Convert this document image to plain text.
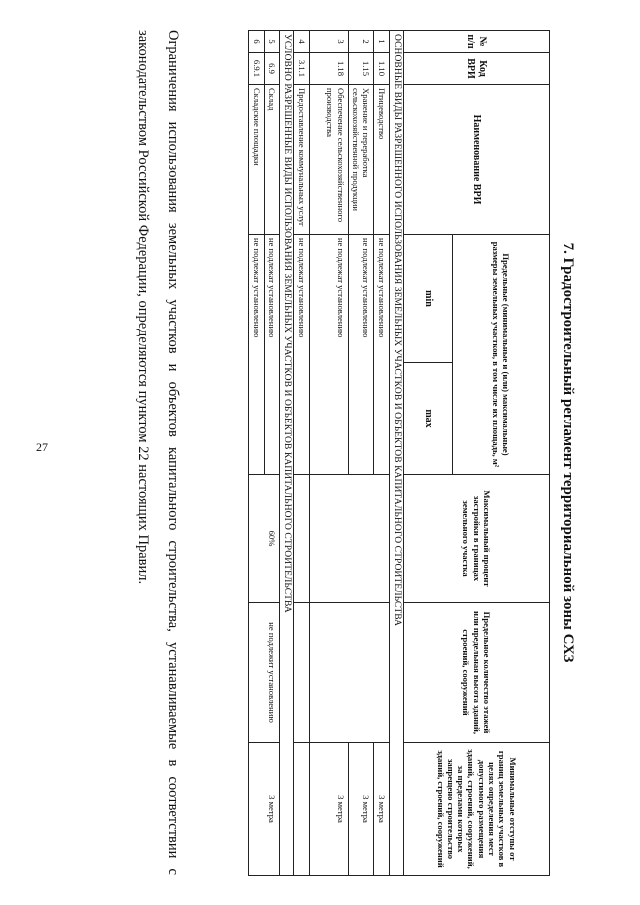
27	7. Градостроительный регламент территориальной зоны СХЗ
№ п/п	Код ВРИ	Наименование ВРИ	Предельные (минимальные и (или) максимальные) размеры земельных участков, в том числе их площадь, м²		Максимальный процент застройки в границах земельного участка	Предельное количество этажей или предельная высота зданий, строений, сооружений	Минимальные отступы от границ земельных участков в целях определения мест допустимого размещения зданий, строений, сооружений, за пределами которых запрещено строительство зданий, строений, сооружений
			min	max			
ОСНОВНЫЕ ВИДЫ РАЗРЕШЕННОГО ИСПОЛЬЗОВАНИЯ ЗЕМЕЛЬНЫХ УЧАСТКОВ И ОБЪЕКТОВ КАПИТАЛЬНОГО СТРОИТЕЛЬСТВА							
1	1.10	Птицеводство	не подлежат установлению				3 метра
2	1.15	Хранение и переработка сельскохозяйственной продукции	не подлежат установлению				3 метра
3	1.18	Обеспечение сельскохозяйственного производства	не подлежат установлению				3 метра
4	3.1.1	Предоставление коммунальных услуг	не подлежат установлению				
УСЛОВНО РАЗРЕШЕННЫЕ ВИДЫ ИСПОЛЬЗОВАНИЯ ЗЕМЕЛЬНЫХ УЧАСТКОВ И ОБЪЕКТОВ КАПИТАЛЬНОГО СТРОИТЕЛЬСТВА							
5	6.9	Склад	не подлежат установлению		60%	не подлежит установлению	3 метра
6	6.9.1	Складские площадки	не подлежат установлению				
Ограничения использования земельных участков и объектов капитального строительства, устанавливаемые в соответствии с законодательством Российской Федерации, определяются пунктом 22 настоящих Правил.
